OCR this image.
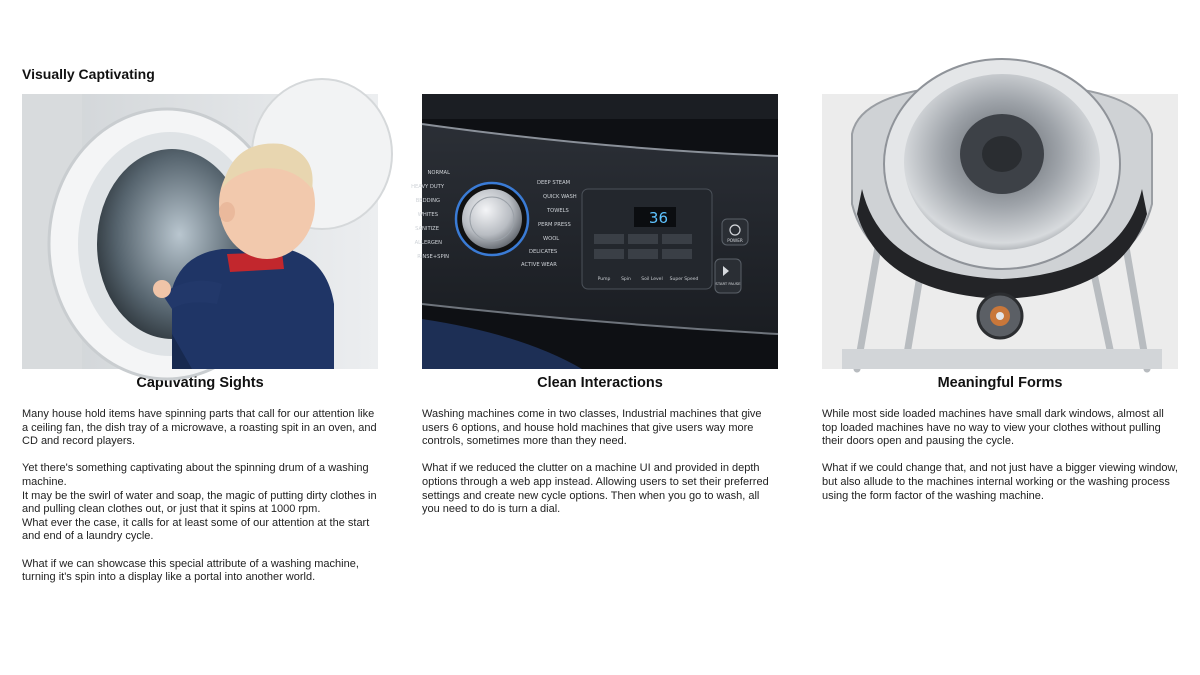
Visually Captivating
Captivating Sights

Many house hold items have spinning parts that call for our attention like a ceiling fan, the dish tray of a microwave, a roasting spit in an oven, and CD and record players.

Yet there's something captivating about the spinning drum of a washing machine.
It may be the swirl of water and soap, the magic of putting dirty clothes in and pulling clean clothes out, or just that it spins at 1000 rpm.
What ever the case, it calls for at least some of our attention at the start and end of a laundry cycle.

What if we can showcase this special attribute of a washing machine, turning it's spin into a display like a portal into another world.

NORMAL
HEAVY DUTY
BEDDING
WHITES
SANITIZE
ALLERGEN
RINSE+SPIN
DEEP STEAM
QUICK WASH
TOWELS
PERM PRESS
WOOL
DELICATES
ACTIVE WEAR
36
Pump Spin Soil Level Super Speed
POWER
START PAUSE
Clean Interactions

Washing machines come in two classes, Industrial machines that give users 6 options, and house hold machines that give users way more controls, sometimes more than they need.

What if we reduced the clutter on a machine UI and provided in depth options through a web app instead. Allowing users to set their preferred settings and create new cycle options. Then when you go to wash, all you need to do is turn a dial.

Meaningful Forms

While most side loaded machines have small dark windows, almost all top loaded machines have no way to view your clothes without pulling their doors open and pausing the cycle.

What if we could change that, and not just have a bigger viewing window, but also allude to the machines internal working or the washing process using the form factor of the washing machine.
